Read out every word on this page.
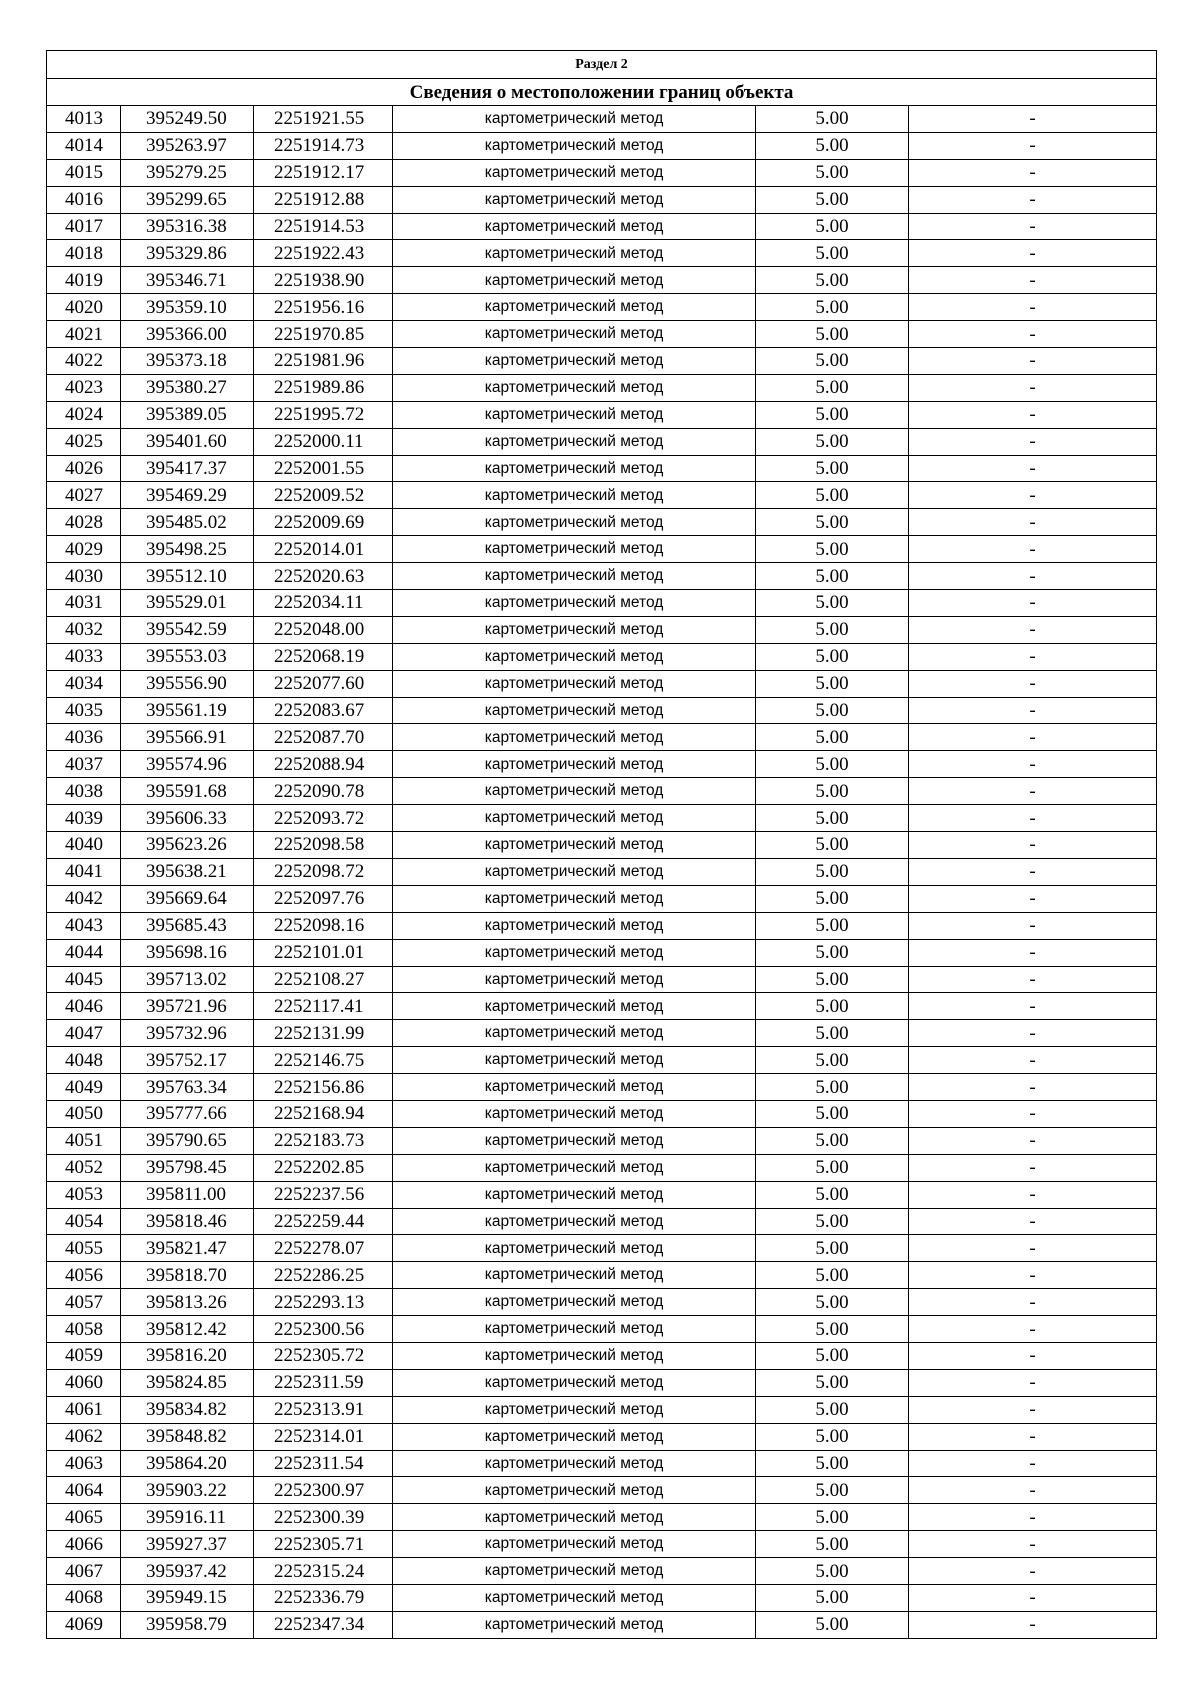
Раздел 2					
Сведения о местоположении границ объекта					
4013	395249.50	2251921.55	картометрический метод	5.00	-
4014	395263.97	2251914.73	картометрический метод	5.00	-
4015	395279.25	2251912.17	картометрический метод	5.00	-
4016	395299.65	2251912.88	картометрический метод	5.00	-
4017	395316.38	2251914.53	картометрический метод	5.00	-
4018	395329.86	2251922.43	картометрический метод	5.00	-
4019	395346.71	2251938.90	картометрический метод	5.00	-
4020	395359.10	2251956.16	картометрический метод	5.00	-
4021	395366.00	2251970.85	картометрический метод	5.00	-
4022	395373.18	2251981.96	картометрический метод	5.00	-
4023	395380.27	2251989.86	картометрический метод	5.00	-
4024	395389.05	2251995.72	картометрический метод	5.00	-
4025	395401.60	2252000.11	картометрический метод	5.00	-
4026	395417.37	2252001.55	картометрический метод	5.00	-
4027	395469.29	2252009.52	картометрический метод	5.00	-
4028	395485.02	2252009.69	картометрический метод	5.00	-
4029	395498.25	2252014.01	картометрический метод	5.00	-
4030	395512.10	2252020.63	картометрический метод	5.00	-
4031	395529.01	2252034.11	картометрический метод	5.00	-
4032	395542.59	2252048.00	картометрический метод	5.00	-
4033	395553.03	2252068.19	картометрический метод	5.00	-
4034	395556.90	2252077.60	картометрический метод	5.00	-
4035	395561.19	2252083.67	картометрический метод	5.00	-
4036	395566.91	2252087.70	картометрический метод	5.00	-
4037	395574.96	2252088.94	картометрический метод	5.00	-
4038	395591.68	2252090.78	картометрический метод	5.00	-
4039	395606.33	2252093.72	картометрический метод	5.00	-
4040	395623.26	2252098.58	картометрический метод	5.00	-
4041	395638.21	2252098.72	картометрический метод	5.00	-
4042	395669.64	2252097.76	картометрический метод	5.00	-
4043	395685.43	2252098.16	картометрический метод	5.00	-
4044	395698.16	2252101.01	картометрический метод	5.00	-
4045	395713.02	2252108.27	картометрический метод	5.00	-
4046	395721.96	2252117.41	картометрический метод	5.00	-
4047	395732.96	2252131.99	картометрический метод	5.00	-
4048	395752.17	2252146.75	картометрический метод	5.00	-
4049	395763.34	2252156.86	картометрический метод	5.00	-
4050	395777.66	2252168.94	картометрический метод	5.00	-
4051	395790.65	2252183.73	картометрический метод	5.00	-
4052	395798.45	2252202.85	картометрический метод	5.00	-
4053	395811.00	2252237.56	картометрический метод	5.00	-
4054	395818.46	2252259.44	картометрический метод	5.00	-
4055	395821.47	2252278.07	картометрический метод	5.00	-
4056	395818.70	2252286.25	картометрический метод	5.00	-
4057	395813.26	2252293.13	картометрический метод	5.00	-
4058	395812.42	2252300.56	картометрический метод	5.00	-
4059	395816.20	2252305.72	картометрический метод	5.00	-
4060	395824.85	2252311.59	картометрический метод	5.00	-
4061	395834.82	2252313.91	картометрический метод	5.00	-
4062	395848.82	2252314.01	картометрический метод	5.00	-
4063	395864.20	2252311.54	картометрический метод	5.00	-
4064	395903.22	2252300.97	картометрический метод	5.00	-
4065	395916.11	2252300.39	картометрический метод	5.00	-
4066	395927.37	2252305.71	картометрический метод	5.00	-
4067	395937.42	2252315.24	картометрический метод	5.00	-
4068	395949.15	2252336.79	картометрический метод	5.00	-
4069	395958.79	2252347.34	картометрический метод	5.00	-
